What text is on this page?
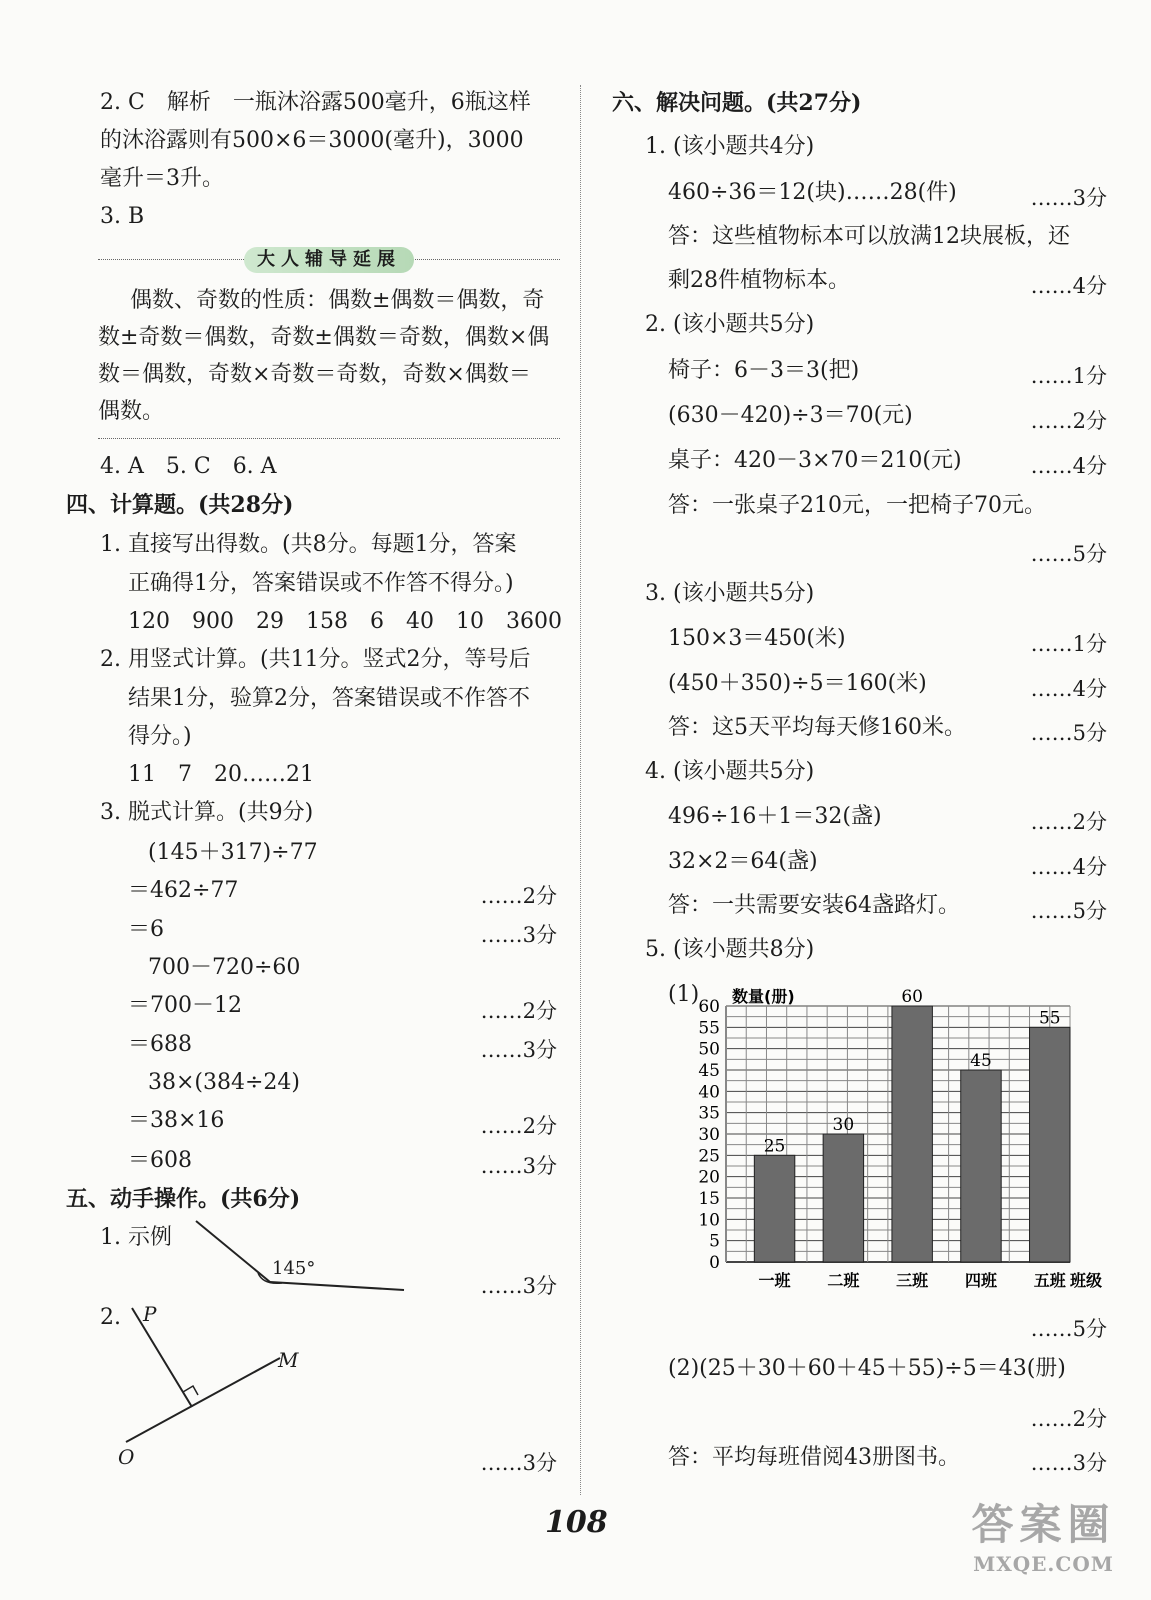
2. C　解析　一瓶沐浴露500毫升，6瓶这样
的沐浴露则有500×6＝3000(毫升)，3000
毫升＝3升。
3. B
大人辅导延展
偶数、奇数的性质：偶数±偶数＝偶数，奇
数±奇数＝偶数，奇数±偶数＝奇数，偶数×偶
数＝偶数，奇数×奇数＝奇数，奇数×偶数＝
偶数。
4. A　5. C　6. A
四、计算题。(共28分)
1. 直接写出得数。(共8分。每题1分，答案
正确得1分，答案错误或不作答不得分。)
120　900　29　158　6　40　10　3600
2. 用竖式计算。(共11分。竖式2分，等号后
结果1分，验算2分，答案错误或不作答不
得分。)
11　7　20……21
3. 脱式计算。(共9分)
(145＋317)÷77
＝462÷77	……2分
＝6	……3分
700－720÷60
＝700－12	……2分
＝688	……3分
38×(384÷24)
＝38×16	……2分
＝608	……3分
五、动手操作。(共6分)
1. 示例
145°
……3分
2. P
M
O	……3分
六、解决问题。(共27分)
1. (该小题共4分)
460÷36＝12(块)……28(件)	……3分
答：这些植物标本可以放满12块展板，还
剩28件植物标本。	……4分
2. (该小题共5分)
椅子：6－3＝3(把)	……1分
(630－420)÷3＝70(元)	……2分
桌子：420－3×70＝210(元)	……4分
答：一张桌子210元，一把椅子70元。
……5分
3. (该小题共5分)
150×3＝450(米)	……1分
(450＋350)÷5＝160(米)	……4分
答：这5天平均每天修160米。	……5分
4. (该小题共5分)
496÷16＋1＝32(盏)	……2分
32×2＝64(盏)	……4分
答：一共需要安装64盏路灯。	……5分
5. (该小题共8分)
(1)
0
5
10
15
20
25
30
35
40
45
50
55
60
25
一班
30
二班
60
三班
45
四班
55
五班
数量(册)
班级
……5分
(2)(25＋30＋60＋45＋55)÷5＝43(册)
……2分
答：平均每班借阅43册图书。	……3分
108	答案圈
MXQE.COM
